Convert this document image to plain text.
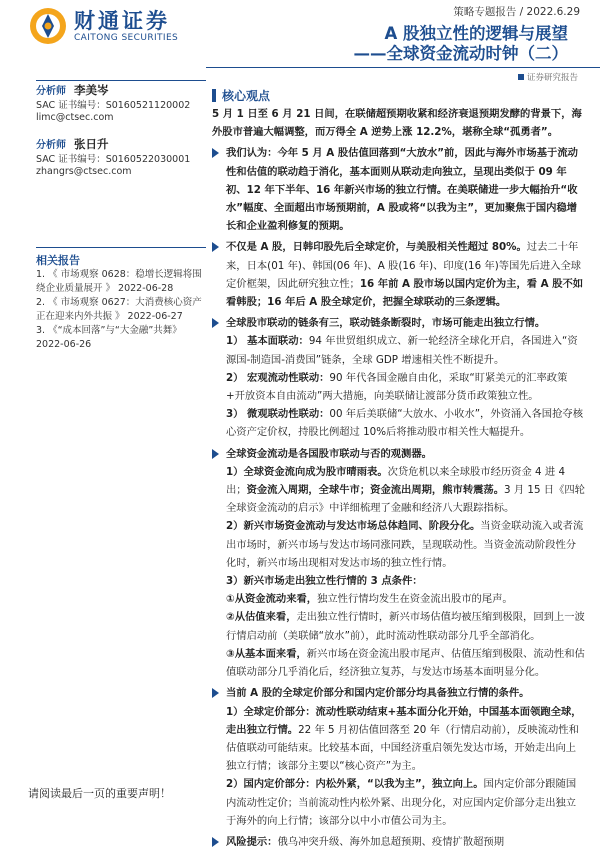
财通证券
CAITONG SECURITIES
策略专题报告 / 2022.6.29
A 股独立性的逻辑与展望
——全球资金流动时钟（二）
证券研究报告
分析师 李美岑
SAC 证书编号：S0160521120002
limc@ctsec.com
分析师 张日升
SAC 证书编号：S0160522030001
zhangrs@ctsec.com
相关报告
1. 《 市场观察 0628：稳增长逻辑将围绕企业质量展开 》 2022-06-28
2. 《 市场观察 0627：大消费核心资产正在迎来内外共振 》 2022-06-27
3. 《“成本回落”与“大金融”共舞》 2022-06-26
核心观点

5 月 1 日至 6 月 21 日间，在联储超预期收紧和经济衰退预期发酵的背景下，海外股市普遍大幅调整，而万得全 A 逆势上涨 12.2%，堪称全球“孤勇者”。

我们认为：今年 5 月 A 股估值回落到“大放水”前，因此与海外市场基于流动性和估值的联动趋于消化，基本面则从联动走向独立，呈现出类似于 09 年初、12 年下半年、16 年新兴市场的独立行情。在美联储进一步大幅抬升“收水”幅度、全面超出市场预期前，A 股或将“以我为主”，更加聚焦于国内稳增长和企业盈利修复的预期。

不仅是 A 股，日韩印股先后全球定价，与美股相关性超过 80%。过去二十年来，日本(01 年)、韩国(06 年)、A 股(16 年)、印度(16 年)等国先后进入全球定价框架，因此研究独立性；16 年前 A 股市场以国内定价为主，看 A 股不如看韩股；16 年后 A 股全球定价，把握全球联动的三条逻辑。

全球股市联动的链条有三，联动链条断裂时，市场可能走出独立行情。

1） 基本面联动：94 年世贸组织成立、新一轮经济全球化开启，各国进入“资源国-制造国-消费国”链条，全球 GDP 增速相关性不断提升。

2） 宏观流动性联动：90 年代各国金融自由化，采取“盯紧美元的汇率政策+开放资本自由流动”两大措施，向美联储让渡部分货币政策独立性。

3） 微观联动性联动：00 年后美联储“大放水、小收水”，外资涌入各国抢夺核心资产定价权，持股比例超过 10%后将推动股市相关性大幅提升。

全球资金流动是各国股市联动与否的观测器。

1）全球资金流向成为股市晴雨表。次贷危机以来全球股市经历资金 4 进 4 出；资金流入周期，全球牛市；资金流出周期，熊市转震荡。3 月 15 日《四轮全球资金流动的启示》中详细梳理了金融和经济八大跟踪指标。

2）新兴市场资金流动与发达市场总体趋同、阶段分化。当资金联动流入或者流出市场时，新兴市场与发达市场同涨同跌，呈现联动性。当资金流动阶段性分化时，新兴市场出现相对发达市场的独立性行情。

3）新兴市场走出独立性行情的 3 点条件：

①从资金流动来看，独立性行情均发生在资金流出股市的尾声。

②从估值来看，走出独立性行情时，新兴市场估值均被压缩到极限，回到上一波行情启动前（美联储“放水”前），此时流动性联动部分几乎全部消化。

③从基本面来看，新兴市场在资金流出股市尾声、估值压缩到极限、流动性和估值联动部分几乎消化后，经济独立复苏，与发达市场基本面明显分化。

当前 A 股的全球定价部分和国内定价部分均具备独立行情的条件。

1）全球定价部分：流动性联动结束+基本面分化开始，中国基本面领跑全球，走出独立行情。22 年 5 月初估值回落至 20 年（行情启动前），反映流动性和估值联动可能结束。比较基本面，中国经济重启领先发达市场，开始走出向上独立行情；该部分主要以“核心资产”为主。

2）国内定价部分：内松外紧，“以我为主”，独立向上。国内定价部分跟随国内流动性定价；当前流动性内松外紧、出现分化，对应国内定价部分走出独立于海外的向上行情；该部分以中小市值公司为主。

风险提示：俄乌冲突升级、海外加息超预期、疫情扩散超预期

请阅读最后一页的重要声明！
